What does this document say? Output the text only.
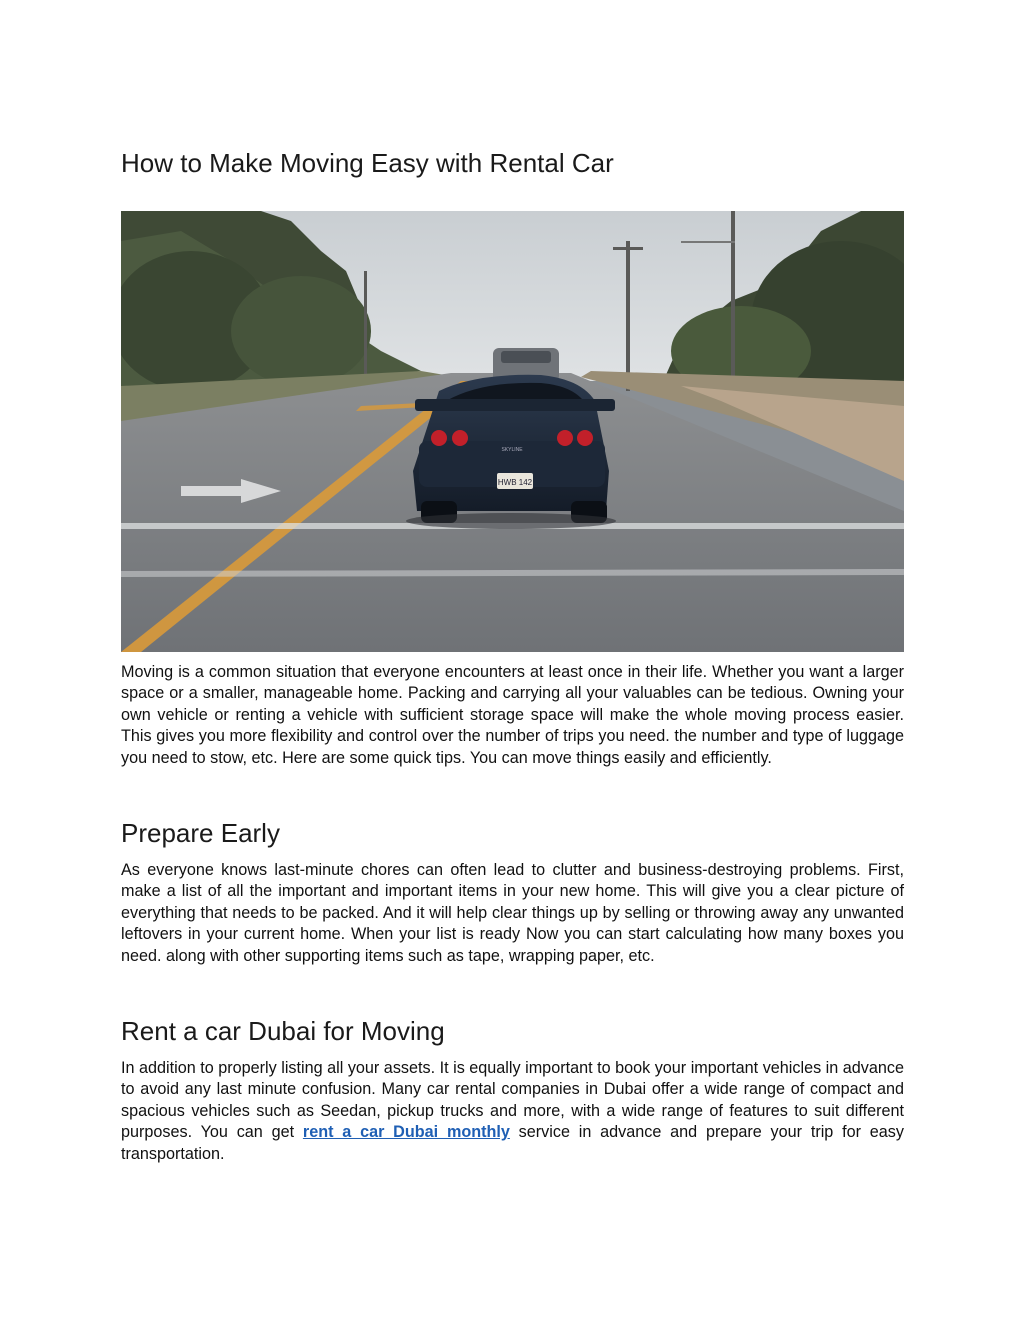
How to Make Moving Easy with Rental Car
HWB 142
SKYLINE

Moving is a common situation that everyone encounters at least once in their life. Whether you want a larger space or a smaller, manageable home. Packing and carrying all your valuables can be tedious. Owning your own vehicle or renting a vehicle with sufficient storage space will make the whole moving process easier. This gives you more flexibility and control over the number of trips you need. the number and type of luggage you need to stow, etc. Here are some quick tips. You can move things easily and efficiently.

Prepare Early

As everyone knows last-minute chores can often lead to clutter and business-destroying problems. First, make a list of all the important and important items in your new home. This will give you a clear picture of everything that needs to be packed. And it will help clear things up by selling or throwing away any unwanted leftovers in your current home. When your list is ready Now you can start calculating how many boxes you need. along with other supporting items such as tape, wrapping paper, etc.

Rent a car Dubai for Moving

In addition to properly listing all your assets. It is equally important to book your important vehicles in advance to avoid any last minute confusion. Many car rental companies in Dubai offer a wide range of compact and spacious vehicles such as Seedan, pickup trucks and more, with a wide range of features to suit different purposes. You can get rent a car Dubai monthly service in advance and prepare your trip for easy transportation.
